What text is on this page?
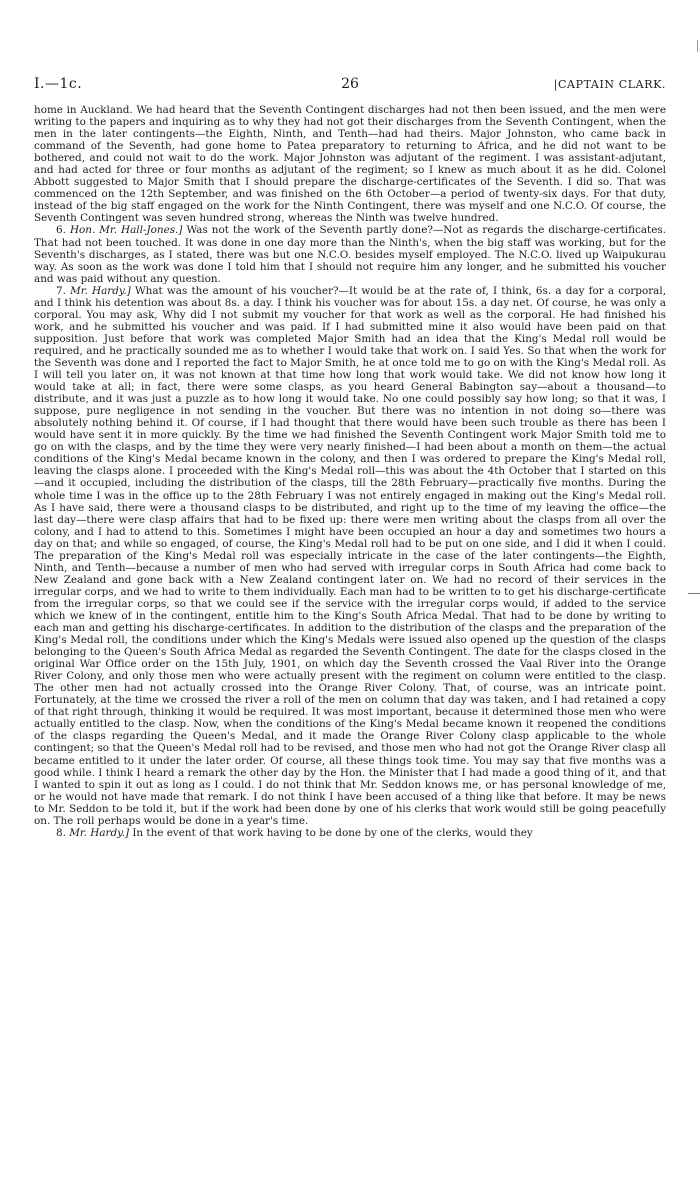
I.—1c.	26	|CAPTAIN CLARK.

home in Auckland. We had heard that the Seventh Contingent discharges had not then been issued, and the men were writing to the papers and inquiring as to why they had not got their discharges from the Seventh Contingent, when the men in the later contingents—the Eighth, Ninth, and Tenth—had had theirs. Major Johnston, who came back in command of the Seventh, had gone home to Patea preparatory to returning to Africa, and he did not want to be bothered, and could not wait to do the work. Major Johnston was adjutant of the regiment. I was assistant-adjutant, and had acted for three or four months as adjutant of the regiment; so I knew as much about it as he did. Colonel Abbott suggested to Major Smith that I should prepare the discharge-certificates of the Seventh. I did so. That was commenced on the 12th September, and was finished on the 6th October—a period of twenty-six days. For that duty, instead of the big staff engaged on the work for the Ninth Contingent, there was myself and one N.C.O. Of course, the Seventh Contingent was seven hundred strong, whereas the Ninth was twelve hundred.

6. Hon. Mr. Hall-Jones.] Was not the work of the Seventh partly done?—Not as regards the discharge-certificates. That had not been touched. It was done in one day more than the Ninth's, when the big staff was working, but for the Seventh's discharges, as I stated, there was but one N.C.O. besides myself employed. The N.C.O. lived up Waipukurau way. As soon as the work was done I told him that I should not require him any longer, and he submitted his voucher and was paid without any question.

7. Mr. Hardy.] What was the amount of his voucher?—It would be at the rate of, I think, 6s. a day for a corporal, and I think his detention was about 8s. a day. I think his voucher was for about 15s. a day net. Of course, he was only a corporal. You may ask, Why did I not submit my voucher for that work as well as the corporal. He had finished his work, and he submitted his voucher and was paid. If I had submitted mine it also would have been paid on that supposition. Just before that work was completed Major Smith had an idea that the King's Medal roll would be required, and he practically sounded me as to whether I would take that work on. I said Yes. So that when the work for the Seventh was done and I reported the fact to Major Smith, he at once told me to go on with the King's Medal roll. As I will tell you later on, it was not known at that time how long that work would take. We did not know how long it would take at all; in fact, there were some clasps, as you heard General Babington say—about a thousand—to distribute, and it was just a puzzle as to how long it would take. No one could possibly say how long; so that it was, I suppose, pure negligence in not sending in the voucher. But there was no intention in not doing so—there was absolutely nothing behind it. Of course, if I had thought that there would have been such trouble as there has been I would have sent it in more quickly. By the time we had finished the Seventh Contingent work Major Smith told me to go on with the clasps, and by the time they were very nearly finished—I had been about a month on them—the actual conditions of the King's Medal became known in the colony, and then I was ordered to prepare the King's Medal roll, leaving the clasps alone. I proceeded with the King's Medal roll—this was about the 4th October that I started on this—and it occupied, including the distribution of the clasps, till the 28th February—practically five months. During the whole time I was in the office up to the 28th February I was not entirely engaged in making out the King's Medal roll. As I have said, there were a thousand clasps to be distributed, and right up to the time of my leaving the office—the last day—there were clasp affairs that had to be fixed up: there were men writing about the clasps from all over the colony, and I had to attend to this. Sometimes I might have been occupied an hour a day and sometimes two hours a day on that; and while so engaged, of course, the King's Medal roll had to be put on one side, and I did it when I could. The preparation of the King's Medal roll was especially intricate in the case of the later contingents—the Eighth, Ninth, and Tenth—because a number of men who had served with irregular corps in South Africa had come back to New Zealand and gone back with a New Zealand contingent later on. We had no record of their services in the irregular corps, and we had to write to them individually. Each man had to be written to to get his discharge-certificate from the irregular corps, so that we could see if the service with the irregular corps would, if added to the service which we knew of in the contingent, entitle him to the King's South Africa Medal. That had to be done by writing to each man and getting his discharge-certificates. In addition to the distribution of the clasps and the preparation of the King's Medal roll, the conditions under which the King's Medals were issued also opened up the question of the clasps belonging to the Queen's South Africa Medal as regarded the Seventh Contingent. The date for the clasps closed in the original War Office order on the 15th July, 1901, on which day the Seventh crossed the Vaal River into the Orange River Colony, and only those men who were actually present with the regiment on column were entitled to the clasp. The other men had not actually crossed into the Orange River Colony. That, of course, was an intricate point. Fortunately, at the time we crossed the river a roll of the men on column that day was taken, and I had retained a copy of that right through, thinking it would be required. It was most important, because it determined those men who were actually entitled to the clasp. Now, when the conditions of the King's Medal became known it reopened the conditions of the clasps regarding the Queen's Medal, and it made the Orange River Colony clasp applicable to the whole contingent; so that the Queen's Medal roll had to be revised, and those men who had not got the Orange River clasp all became entitled to it under the later order. Of course, all these things took time. You may say that five months was a good while. I think I heard a remark the other day by the Hon. the Minister that I had made a good thing of it, and that I wanted to spin it out as long as I could. I do not think that Mr. Seddon knows me, or has personal knowledge of me, or he would not have made that remark. I do not think I have been accused of a thing like that before. It may be news to Mr. Seddon to be told it, but if the work had been done by one of his clerks that work would still be going peacefully on. The roll perhaps would be done in a year's time.

8. Mr. Hardy.] In the event of that work having to be done by one of the clerks, would they
